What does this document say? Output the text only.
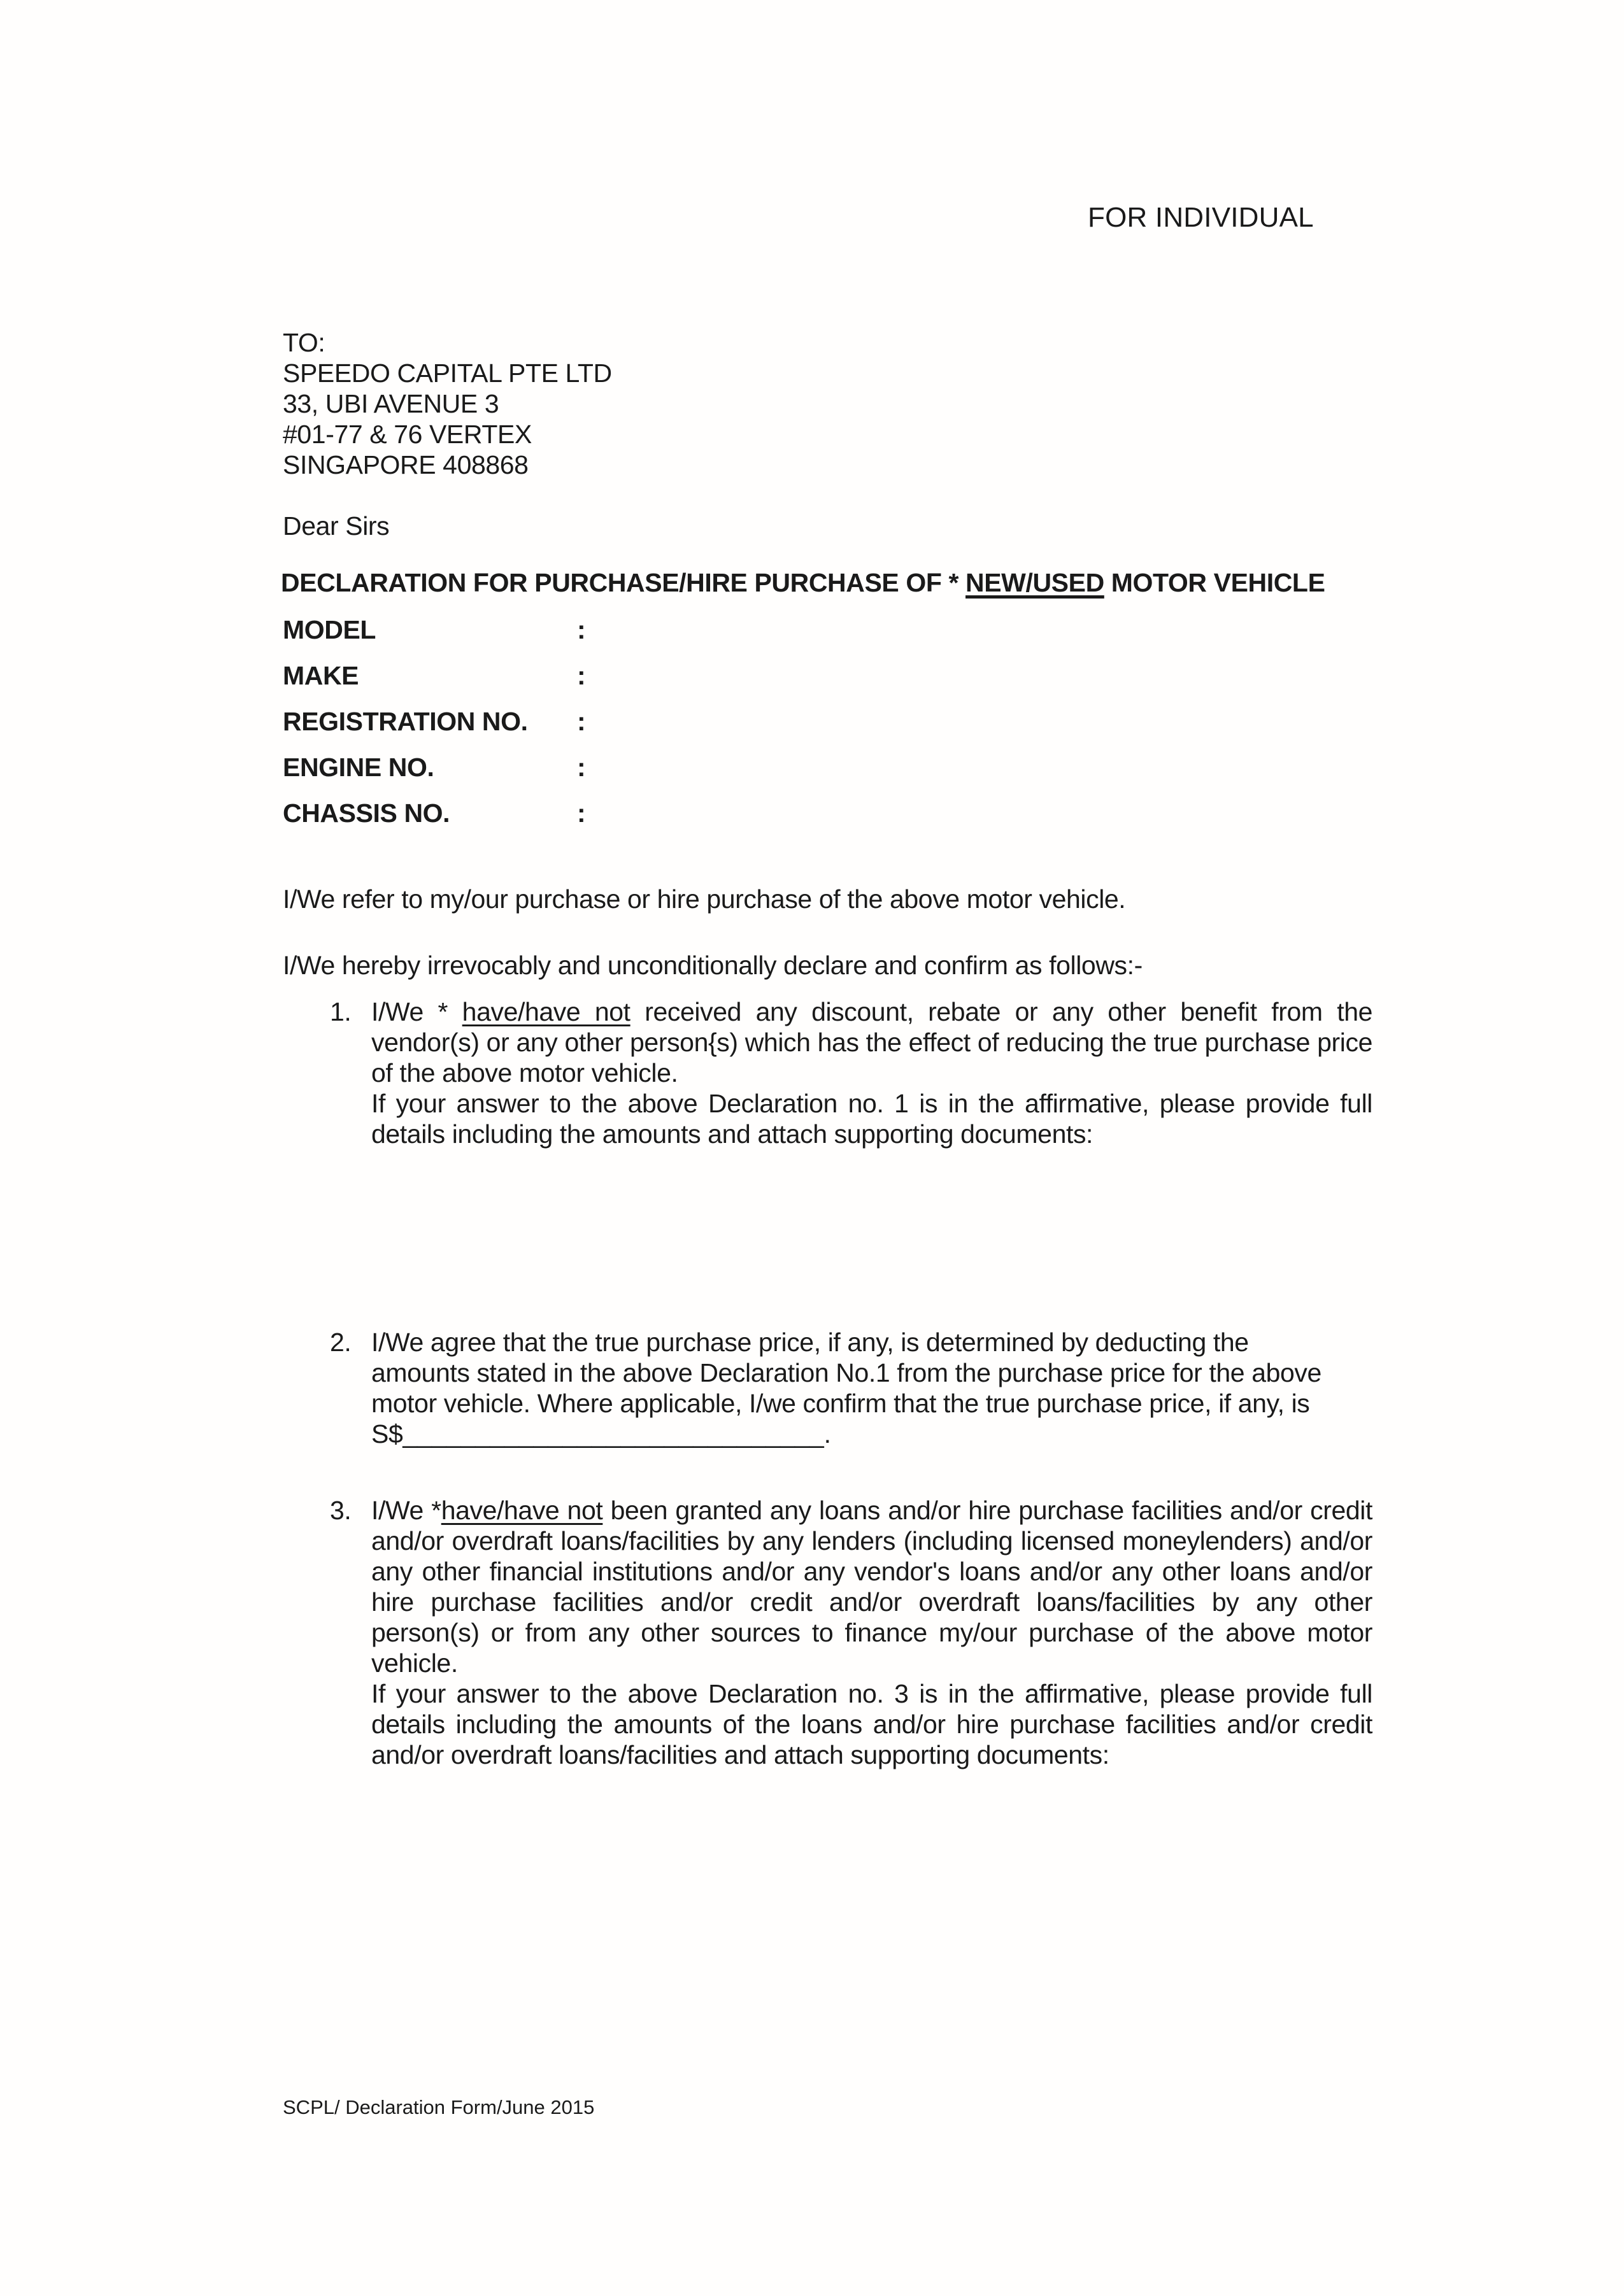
FOR INDIVIDUAL
TO:
SPEEDO CAPITAL PTE LTD
33, UBI AVENUE 3
#01-77 & 76 VERTEX
SINGAPORE 408868
Dear Sirs
DECLARATION FOR PURCHASE/HIRE PURCHASE OF * NEW/USED MOTOR VEHICLE
MODEL	:
MAKE	:
REGISTRATION NO.	:
ENGINE NO.	:
CHASSIS NO.	:
I/We refer to my/our purchase or hire purchase of the above motor vehicle.
I/We hereby irrevocably and unconditionally declare and confirm as follows:-
1. I/We * have/have not received any discount, rebate or any other benefit from the vendor(s) or any other person{s) which has the effect of reducing the true purchase price of the above motor vehicle.
If your answer to the above Declaration no. 1 is in the affirmative, please provide full details including the amounts and attach supporting documents:
2. I/We agree that the true purchase price, if any, is determined by deducting the
amounts stated in the above Declaration No.1 from the purchase price for the above
motor vehicle. Where applicable, I/we confirm that the true purchase price, if any, is
S$_____________________________.
3. I/We *have/have not been granted any loans and/or hire purchase facilities and/or credit and/or overdraft loans/facilities by any lenders (including licensed moneylenders) and/or any other financial institutions and/or any vendor's loans and/or any other loans and/or hire purchase facilities and/or credit and/or overdraft loans/facilities by any other person(s) or from any other sources to finance my/our purchase of the above motor vehicle.
If your answer to the above Declaration no. 3 is in the affirmative, please provide full details including the amounts of the loans and/or hire purchase facilities and/or credit and/or overdraft loans/facilities and attach supporting documents:
SCPL/ Declaration Form/June 2015
